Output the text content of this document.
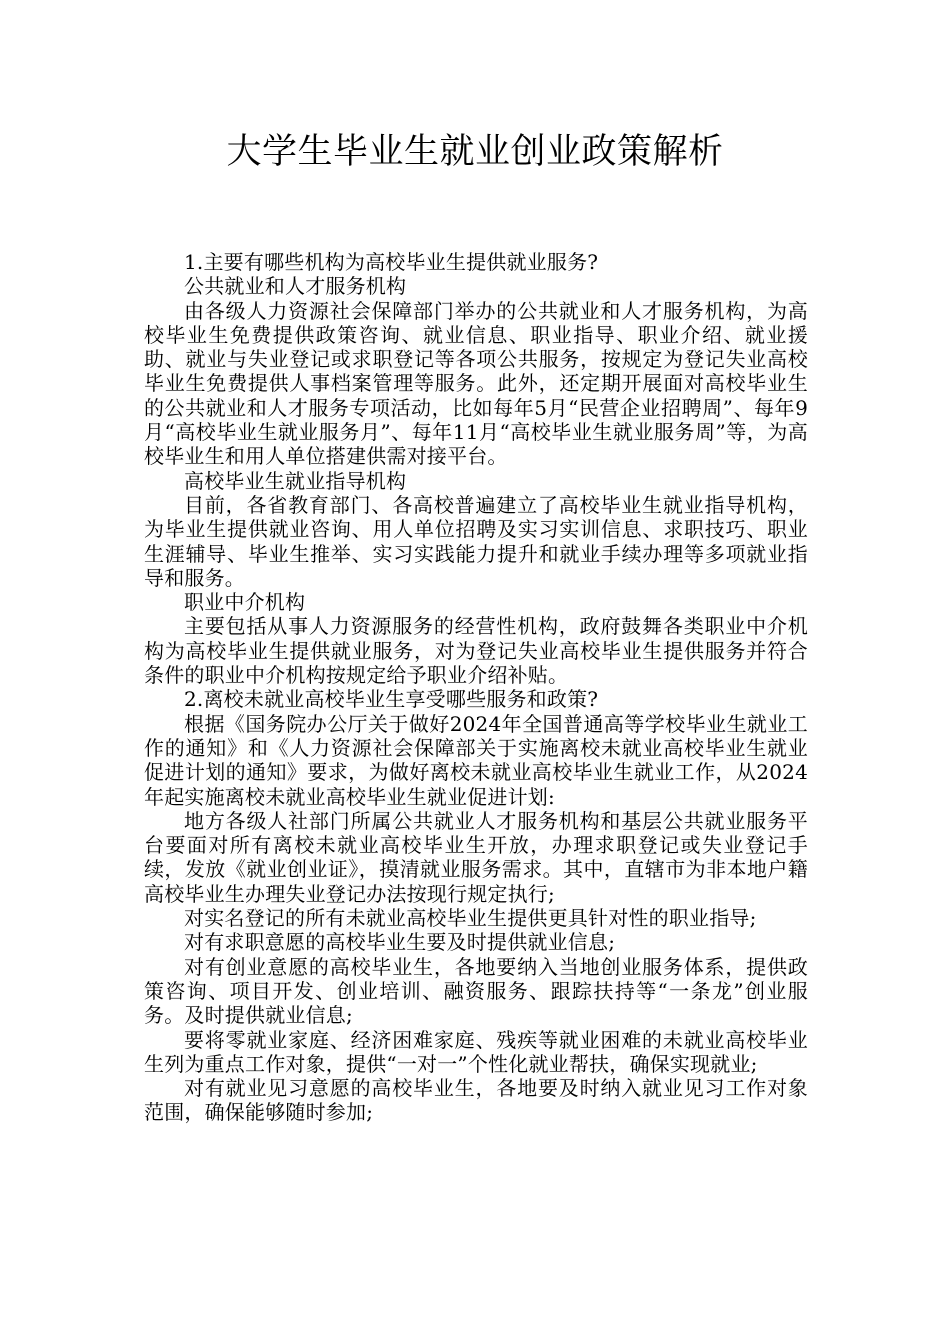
大学生毕业生就业创业政策解析

1.主要有哪些机构为高校毕业生提供就业服务?

公共就业和人才服务机构

由各级人力资源社会保障部门举办的公共就业和人才服务机构，为高校毕业生免费提供政策咨询、就业信息、职业指导、职业介绍、就业援助、就业与失业登记或求职登记等各项公共服务，按规定为登记失业高校毕业生免费提供人事档案管理等服务。此外，还定期开展面对高校毕业生的公共就业和人才服务专项活动，比如每年5月“民营企业招聘周”、每年9月“高校毕业生就业服务月”、每年11月“高校毕业生就业服务周”等，为高校毕业生和用人单位搭建供需对接平台。

高校毕业生就业指导机构

目前，各省教育部门、各高校普遍建立了高校毕业生就业指导机构，为毕业生提供就业咨询、用人单位招聘及实习实训信息、求职技巧、职业生涯辅导、毕业生推举、实习实践能力提升和就业手续办理等多项就业指导和服务。

职业中介机构

主要包括从事人力资源服务的经营性机构，政府鼓舞各类职业中介机构为高校毕业生提供就业服务，对为登记失业高校毕业生提供服务并符合条件的职业中介机构按规定给予职业介绍补贴。

2.离校未就业高校毕业生享受哪些服务和政策?

根据《国务院办公厅关于做好2024年全国普通高等学校毕业生就业工作的通知》和《人力资源社会保障部关于实施离校未就业高校毕业生就业促进计划的通知》要求，为做好离校未就业高校毕业生就业工作，从2024年起实施离校未就业高校毕业生就业促进计划:

地方各级人社部门所属公共就业人才服务机构和基层公共就业服务平台要面对所有离校未就业高校毕业生开放，办理求职登记或失业登记手续，发放《就业创业证》，摸清就业服务需求。其中，直辖市为非本地户籍高校毕业生办理失业登记办法按现行规定执行;

对实名登记的所有未就业高校毕业生提供更具针对性的职业指导;

对有求职意愿的高校毕业生要及时提供就业信息;

对有创业意愿的高校毕业生，各地要纳入当地创业服务体系，提供政策咨询、项目开发、创业培训、融资服务、跟踪扶持等“一条龙”创业服务。及时提供就业信息;

要将零就业家庭、经济困难家庭、残疾等就业困难的未就业高校毕业生列为重点工作对象，提供“一对一”个性化就业帮扶，确保实现就业;

对有就业见习意愿的高校毕业生，各地要及时纳入就业见习工作对象范围，确保能够随时参加;
